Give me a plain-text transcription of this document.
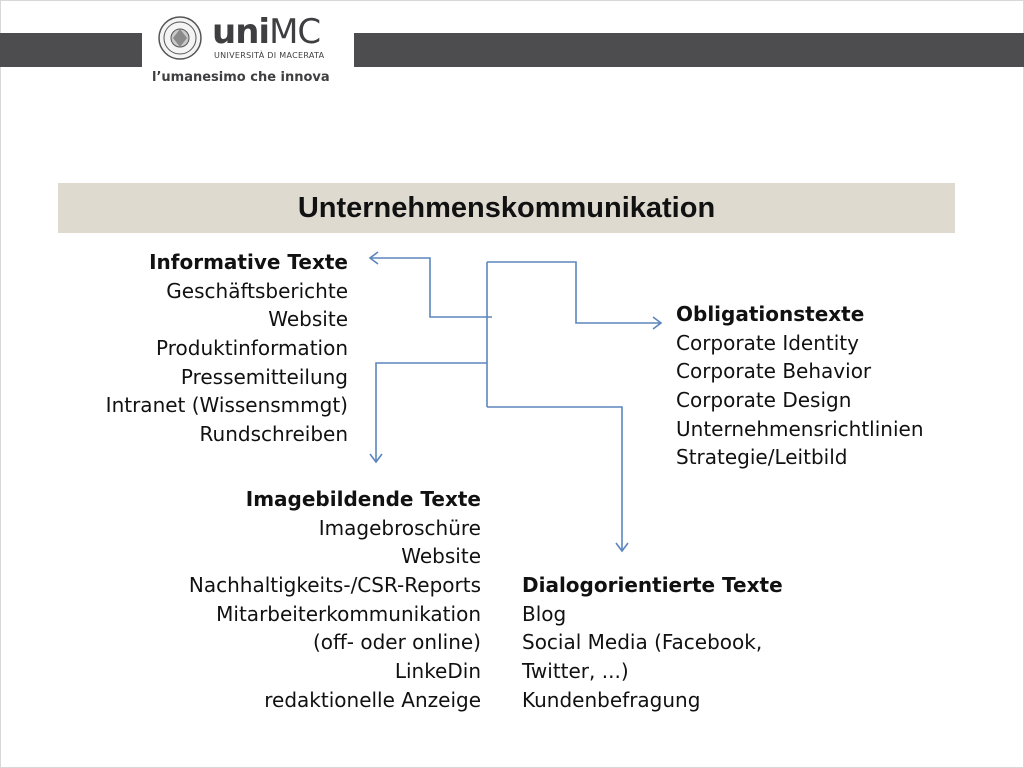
uniMC
UNIVERSITÀ DI MACERATA
l’umanesimo che innova
Unternehmenskommunikation
Informative Texte
Geschäftsberichte
Website
Produktinformation
Pressemitteilung
Intranet (Wissensmmgt)
Rundschreiben
Imagebildende Texte
Imagebroschüre
Website
Nachhaltigkeits-/CSR-Reports
Mitarbeiterkommunikation
(off- oder online)
LinkeDin
redaktionelle Anzeige
Obligationstexte
Corporate Identity
Corporate Behavior
Corporate Design
Unternehmensrichtlinien
Strategie/Leitbild
Dialogorientierte Texte
Blog
Social Media (Facebook,
Twitter, ...)
Kundenbefragung
